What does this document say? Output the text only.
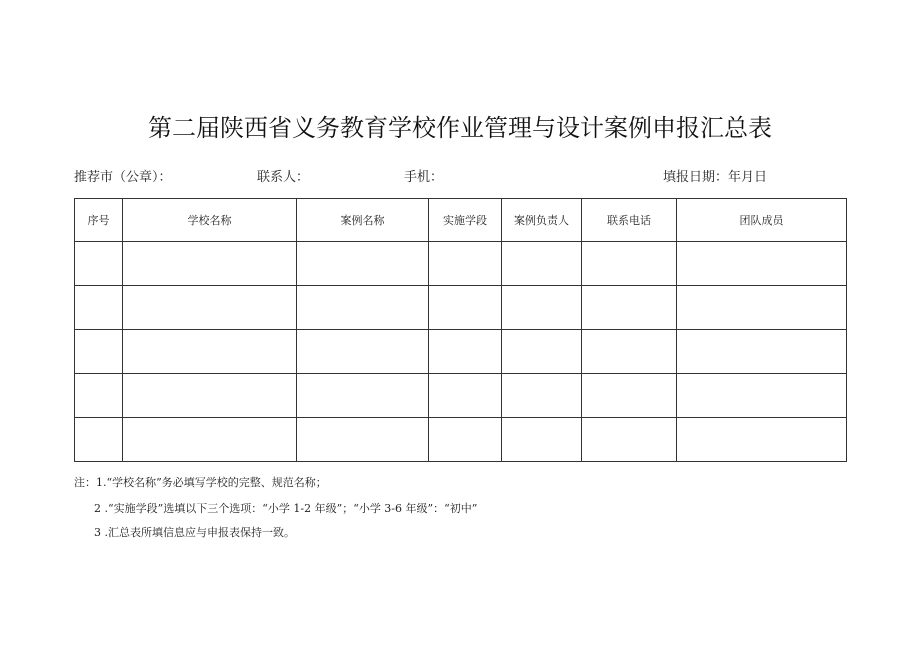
第二届陕西省义务教育学校作业管理与设计案例申报汇总表
推荐市（公章）：	联系人：	手机：	填报日期：年月日
序号	学校名称	案例名称	实施学段	案例负责人	联系电话	团队成员

注：1.“学校名称”务必填写学校的完整、规范名称；
2 .“实施学段”选填以下三个选项：“小学 1-2 年级”；“小学 3-6 年级”：“初中”
3 .汇总表所填信息应与申报表保持一致。
